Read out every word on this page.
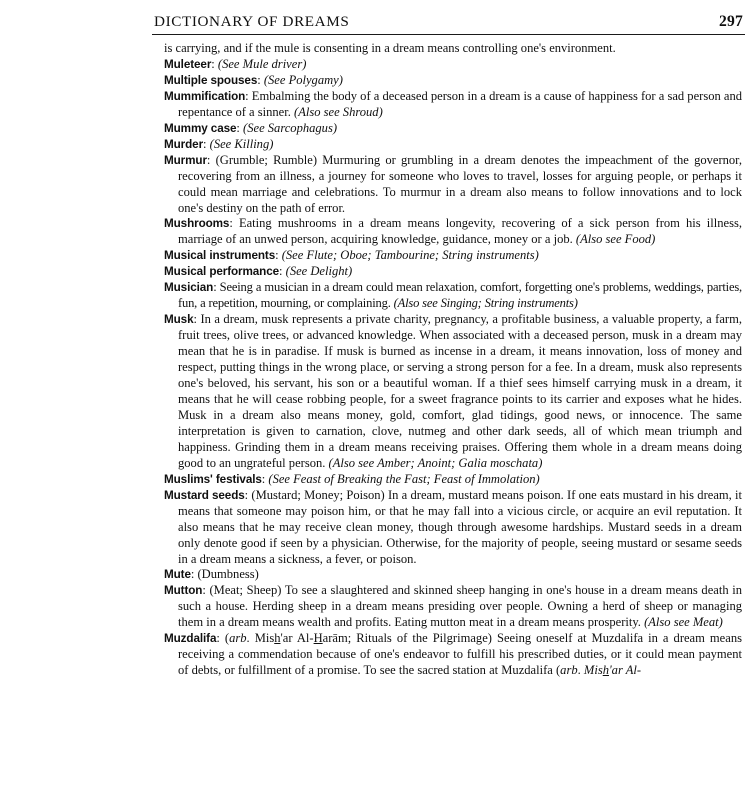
DICTIONARY OF DREAMS	297

is carrying, and if the mule is consenting in a dream means controlling one's environment.

Muleteer: (See Mule driver)

Multiple spouses: (See Polygamy)

Mummification: Embalming the body of a deceased person in a dream is a cause of happiness for a sad person and repentance of a sinner. (Also see Shroud)

Mummy case: (See Sarcophagus)

Murder: (See Killing)

Murmur: (Grumble; Rumble) Murmuring or grumbling in a dream denotes the impeachment of the governor, recovering from an illness, a journey for someone who loves to travel, losses for arguing people, or perhaps it could mean marriage and celebrations. To murmur in a dream also means to follow innovations and to lock one's destiny on the path of error.

Mushrooms: Eating mushrooms in a dream means longevity, recovering of a sick person from his illness, marriage of an unwed person, acquiring knowledge, guidance, money or a job. (Also see Food)

Musical instruments: (See Flute; Oboe; Tambourine; String instruments)

Musical performance: (See Delight)

Musician: Seeing a musician in a dream could mean relaxation, comfort, forgetting one's problems, weddings, parties, fun, a repetition, mourning, or complaining. (Also see Singing; String instruments)

Musk: In a dream, musk represents a private charity, pregnancy, a profitable business, a valuable property, a farm, fruit trees, olive trees, or advanced knowledge. When associated with a deceased person, musk in a dream may mean that he is in paradise. If musk is burned as incense in a dream, it means innovation, loss of money and respect, putting things in the wrong place, or serving a strong person for a fee. In a dream, musk also represents one's beloved, his servant, his son or a beautiful woman. If a thief sees himself carrying musk in a dream, it means that he will cease robbing people, for a sweet fragrance points to its carrier and exposes what he hides. Musk in a dream also means money, gold, comfort, glad tidings, good news, or innocence. The same interpretation is given to carnation, clove, nutmeg and other dark seeds, all of which mean triumph and happiness. Grinding them in a dream means receiving praises. Offering them whole in a dream means doing good to an ungrateful person. (Also see Amber; Anoint; Galia moschata)

Muslims' festivals: (See Feast of Breaking the Fast; Feast of Immolation)

Mustard seeds: (Mustard; Money; Poison) In a dream, mustard means poison. If one eats mustard in his dream, it means that someone may poison him, or that he may fall into a vicious circle, or acquire an evil reputation. It also means that he may receive clean money, though through awesome hardships. Mustard seeds in a dream only denote good if seen by a physician. Otherwise, for the majority of people, seeing mustard or sesame seeds in a dream means a sickness, a fever, or poison.

Mute: (Dumbness)

Mutton: (Meat; Sheep) To see a slaughtered and skinned sheep hanging in one's house in a dream means death in such a house. Herding sheep in a dream means presiding over people. Owning a herd of sheep or managing them in a dream means wealth and profits. Eating mutton meat in a dream means prosperity. (Also see Meat)

Muzdalifa: (arb. Mish'ar Al-Harām; Rituals of the Pilgrimage) Seeing oneself at Muzdalifa in a dream means receiving a commendation because of one's endeavor to fulfill his prescribed duties, or it could mean payment of debts, or fulfillment of a promise. To see the sacred station at Muzdalifa (arb. Mish'ar Al-
